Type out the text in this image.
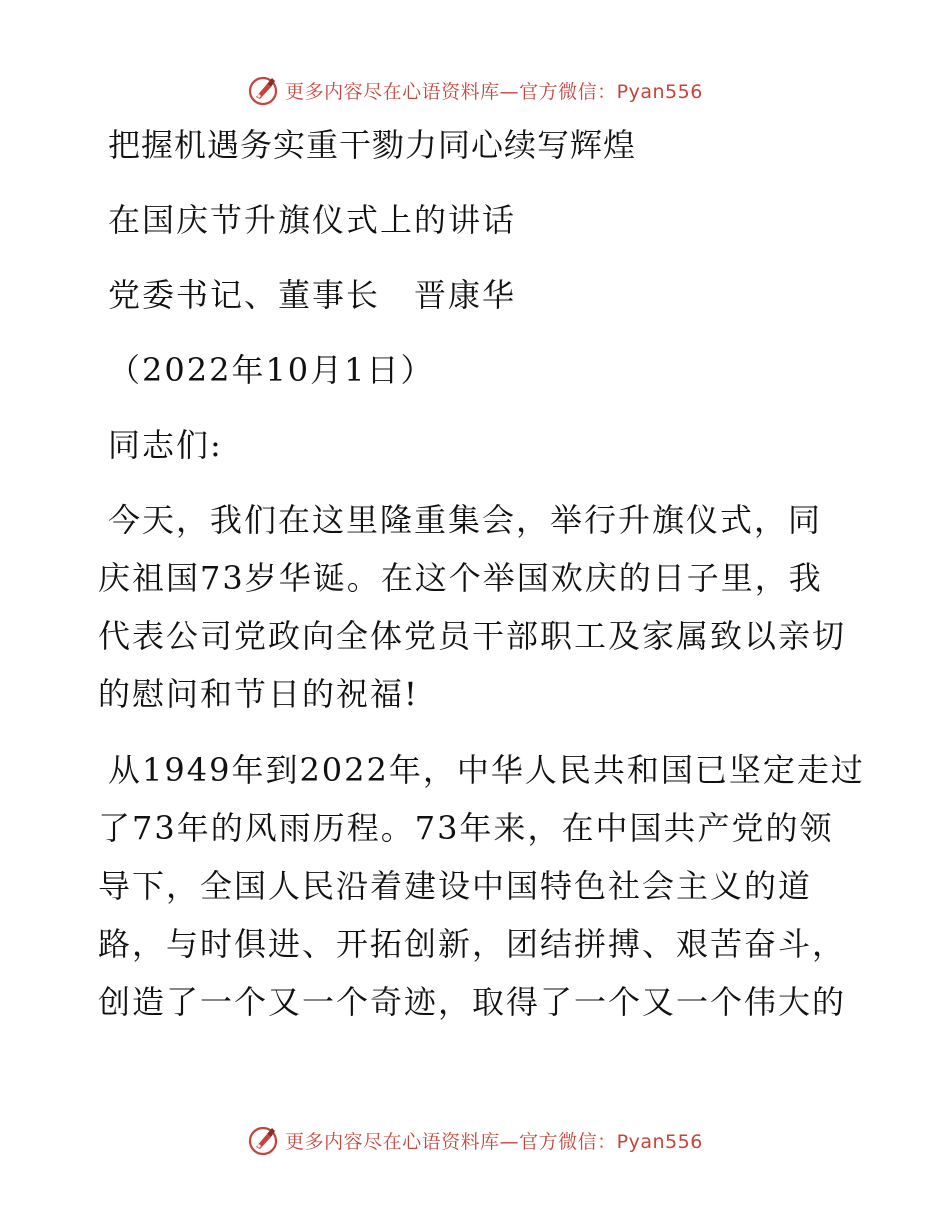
更多内容尽在心语资料库—官方微信：Pyan556
把握机遇务实重干勠力同心续写辉煌
在国庆节升旗仪式上的讲话
党委书记、董事长　晋康华
（2022年10月1日）
同志们:
今天，我们在这里隆重集会，举行升旗仪式，同
庆祖国73岁华诞。在这个举国欢庆的日子里，我
代表公司党政向全体党员干部职工及家属致以亲切
的慰问和节日的祝福!
从1949年到2022年，中华人民共和国已坚定走过
了73年的风雨历程。73年来，在中国共产党的领
导下，全国人民沿着建设中国特色社会主义的道
路，与时俱进、开拓创新，团结拼搏、艰苦奋斗，
创造了一个又一个奇迹，取得了一个又一个伟大的
更多内容尽在心语资料库—官方微信：Pyan556
